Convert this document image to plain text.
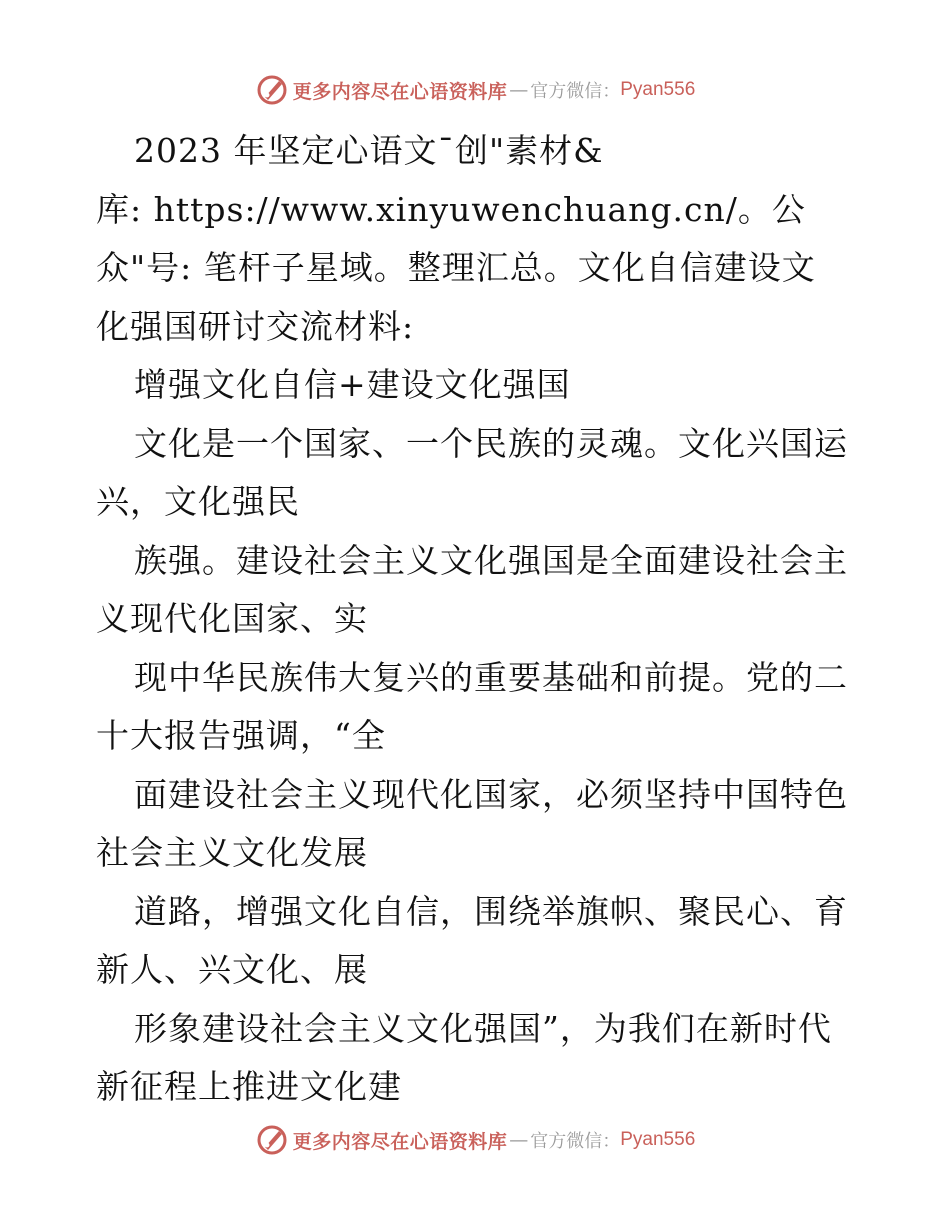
更多内容尽在心语资料库 — 官方微信： Pyan556
2023 年坚定心语文¯创"素材&
库: https://www.xinyuwenchuang.cn/。公
众"号: 笔杆子星域。整理汇总。文化自信建设文
化强国研讨交流材料:
增强文化自信+建设文化强国
文化是一个国家、一个民族的灵魂。文化兴国运
兴，文化强民
族强。建设社会主义文化强国是全面建设社会主
义现代化国家、实
现中华民族伟大复兴的重要基础和前提。党的二
十大报告强调，“全
面建设社会主义现代化国家，必须坚持中国特色
社会主义文化发展
道路，增强文化自信，围绕举旗帜、聚民心、育
新人、兴文化、展
形象建设社会主义文化强国”，为我们在新时代
新征程上推进文化建
更多内容尽在心语资料库 — 官方微信： Pyan556
